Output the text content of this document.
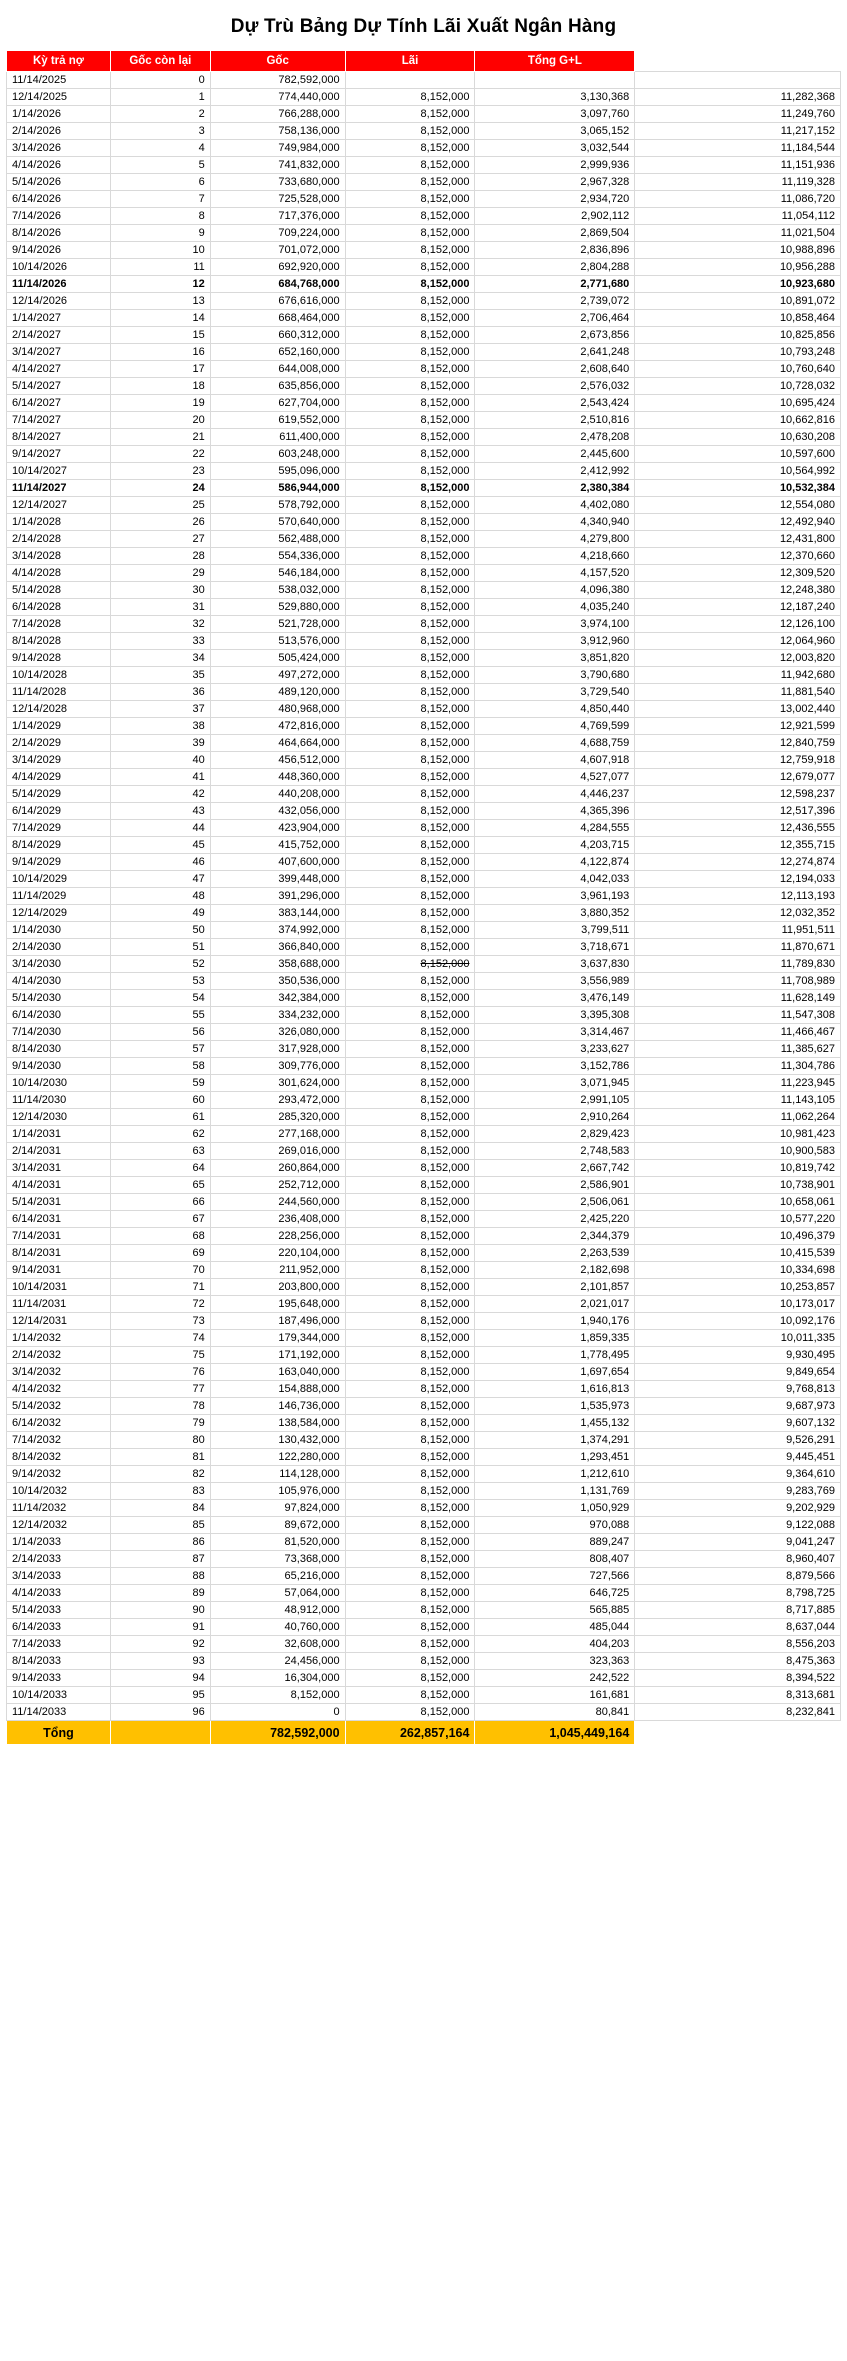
Dự Trù Bảng Dự Tính Lãi Xuất Ngân Hàng
Kỳ trả nợ	Gốc còn lại	Gốc	Lãi	Tổng G+L	
11/14/2025	0	782,592,000			
12/14/2025	1	774,440,000	8,152,000	3,130,368	11,282,368
1/14/2026	2	766,288,000	8,152,000	3,097,760	11,249,760
2/14/2026	3	758,136,000	8,152,000	3,065,152	11,217,152
3/14/2026	4	749,984,000	8,152,000	3,032,544	11,184,544
4/14/2026	5	741,832,000	8,152,000	2,999,936	11,151,936
5/14/2026	6	733,680,000	8,152,000	2,967,328	11,119,328
6/14/2026	7	725,528,000	8,152,000	2,934,720	11,086,720
7/14/2026	8	717,376,000	8,152,000	2,902,112	11,054,112
8/14/2026	9	709,224,000	8,152,000	2,869,504	11,021,504
9/14/2026	10	701,072,000	8,152,000	2,836,896	10,988,896
10/14/2026	11	692,920,000	8,152,000	2,804,288	10,956,288
11/14/2026	12	684,768,000	8,152,000	2,771,680	10,923,680
12/14/2026	13	676,616,000	8,152,000	2,739,072	10,891,072
1/14/2027	14	668,464,000	8,152,000	2,706,464	10,858,464
2/14/2027	15	660,312,000	8,152,000	2,673,856	10,825,856
3/14/2027	16	652,160,000	8,152,000	2,641,248	10,793,248
4/14/2027	17	644,008,000	8,152,000	2,608,640	10,760,640
5/14/2027	18	635,856,000	8,152,000	2,576,032	10,728,032
6/14/2027	19	627,704,000	8,152,000	2,543,424	10,695,424
7/14/2027	20	619,552,000	8,152,000	2,510,816	10,662,816
8/14/2027	21	611,400,000	8,152,000	2,478,208	10,630,208
9/14/2027	22	603,248,000	8,152,000	2,445,600	10,597,600
10/14/2027	23	595,096,000	8,152,000	2,412,992	10,564,992
11/14/2027	24	586,944,000	8,152,000	2,380,384	10,532,384
12/14/2027	25	578,792,000	8,152,000	4,402,080	12,554,080
1/14/2028	26	570,640,000	8,152,000	4,340,940	12,492,940
2/14/2028	27	562,488,000	8,152,000	4,279,800	12,431,800
3/14/2028	28	554,336,000	8,152,000	4,218,660	12,370,660
4/14/2028	29	546,184,000	8,152,000	4,157,520	12,309,520
5/14/2028	30	538,032,000	8,152,000	4,096,380	12,248,380
6/14/2028	31	529,880,000	8,152,000	4,035,240	12,187,240
7/14/2028	32	521,728,000	8,152,000	3,974,100	12,126,100
8/14/2028	33	513,576,000	8,152,000	3,912,960	12,064,960
9/14/2028	34	505,424,000	8,152,000	3,851,820	12,003,820
10/14/2028	35	497,272,000	8,152,000	3,790,680	11,942,680
11/14/2028	36	489,120,000	8,152,000	3,729,540	11,881,540
12/14/2028	37	480,968,000	8,152,000	4,850,440	13,002,440
1/14/2029	38	472,816,000	8,152,000	4,769,599	12,921,599
2/14/2029	39	464,664,000	8,152,000	4,688,759	12,840,759
3/14/2029	40	456,512,000	8,152,000	4,607,918	12,759,918
4/14/2029	41	448,360,000	8,152,000	4,527,077	12,679,077
5/14/2029	42	440,208,000	8,152,000	4,446,237	12,598,237
6/14/2029	43	432,056,000	8,152,000	4,365,396	12,517,396
7/14/2029	44	423,904,000	8,152,000	4,284,555	12,436,555
8/14/2029	45	415,752,000	8,152,000	4,203,715	12,355,715
9/14/2029	46	407,600,000	8,152,000	4,122,874	12,274,874
10/14/2029	47	399,448,000	8,152,000	4,042,033	12,194,033
11/14/2029	48	391,296,000	8,152,000	3,961,193	12,113,193
12/14/2029	49	383,144,000	8,152,000	3,880,352	12,032,352
1/14/2030	50	374,992,000	8,152,000	3,799,511	11,951,511
2/14/2030	51	366,840,000	8,152,000	3,718,671	11,870,671
3/14/2030	52	358,688,000	8,152,000	3,637,830	11,789,830
4/14/2030	53	350,536,000	8,152,000	3,556,989	11,708,989
5/14/2030	54	342,384,000	8,152,000	3,476,149	11,628,149
6/14/2030	55	334,232,000	8,152,000	3,395,308	11,547,308
7/14/2030	56	326,080,000	8,152,000	3,314,467	11,466,467
8/14/2030	57	317,928,000	8,152,000	3,233,627	11,385,627
9/14/2030	58	309,776,000	8,152,000	3,152,786	11,304,786
10/14/2030	59	301,624,000	8,152,000	3,071,945	11,223,945
11/14/2030	60	293,472,000	8,152,000	2,991,105	11,143,105
12/14/2030	61	285,320,000	8,152,000	2,910,264	11,062,264
1/14/2031	62	277,168,000	8,152,000	2,829,423	10,981,423
2/14/2031	63	269,016,000	8,152,000	2,748,583	10,900,583
3/14/2031	64	260,864,000	8,152,000	2,667,742	10,819,742
4/14/2031	65	252,712,000	8,152,000	2,586,901	10,738,901
5/14/2031	66	244,560,000	8,152,000	2,506,061	10,658,061
6/14/2031	67	236,408,000	8,152,000	2,425,220	10,577,220
7/14/2031	68	228,256,000	8,152,000	2,344,379	10,496,379
8/14/2031	69	220,104,000	8,152,000	2,263,539	10,415,539
9/14/2031	70	211,952,000	8,152,000	2,182,698	10,334,698
10/14/2031	71	203,800,000	8,152,000	2,101,857	10,253,857
11/14/2031	72	195,648,000	8,152,000	2,021,017	10,173,017
12/14/2031	73	187,496,000	8,152,000	1,940,176	10,092,176
1/14/2032	74	179,344,000	8,152,000	1,859,335	10,011,335
2/14/2032	75	171,192,000	8,152,000	1,778,495	9,930,495
3/14/2032	76	163,040,000	8,152,000	1,697,654	9,849,654
4/14/2032	77	154,888,000	8,152,000	1,616,813	9,768,813
5/14/2032	78	146,736,000	8,152,000	1,535,973	9,687,973
6/14/2032	79	138,584,000	8,152,000	1,455,132	9,607,132
7/14/2032	80	130,432,000	8,152,000	1,374,291	9,526,291
8/14/2032	81	122,280,000	8,152,000	1,293,451	9,445,451
9/14/2032	82	114,128,000	8,152,000	1,212,610	9,364,610
10/14/2032	83	105,976,000	8,152,000	1,131,769	9,283,769
11/14/2032	84	97,824,000	8,152,000	1,050,929	9,202,929
12/14/2032	85	89,672,000	8,152,000	970,088	9,122,088
1/14/2033	86	81,520,000	8,152,000	889,247	9,041,247
2/14/2033	87	73,368,000	8,152,000	808,407	8,960,407
3/14/2033	88	65,216,000	8,152,000	727,566	8,879,566
4/14/2033	89	57,064,000	8,152,000	646,725	8,798,725
5/14/2033	90	48,912,000	8,152,000	565,885	8,717,885
6/14/2033	91	40,760,000	8,152,000	485,044	8,637,044
7/14/2033	92	32,608,000	8,152,000	404,203	8,556,203
8/14/2033	93	24,456,000	8,152,000	323,363	8,475,363
9/14/2033	94	16,304,000	8,152,000	242,522	8,394,522
10/14/2033	95	8,152,000	8,152,000	161,681	8,313,681
11/14/2033	96	0	8,152,000	80,841	8,232,841
Tổng		782,592,000	262,857,164	1,045,449,164	
